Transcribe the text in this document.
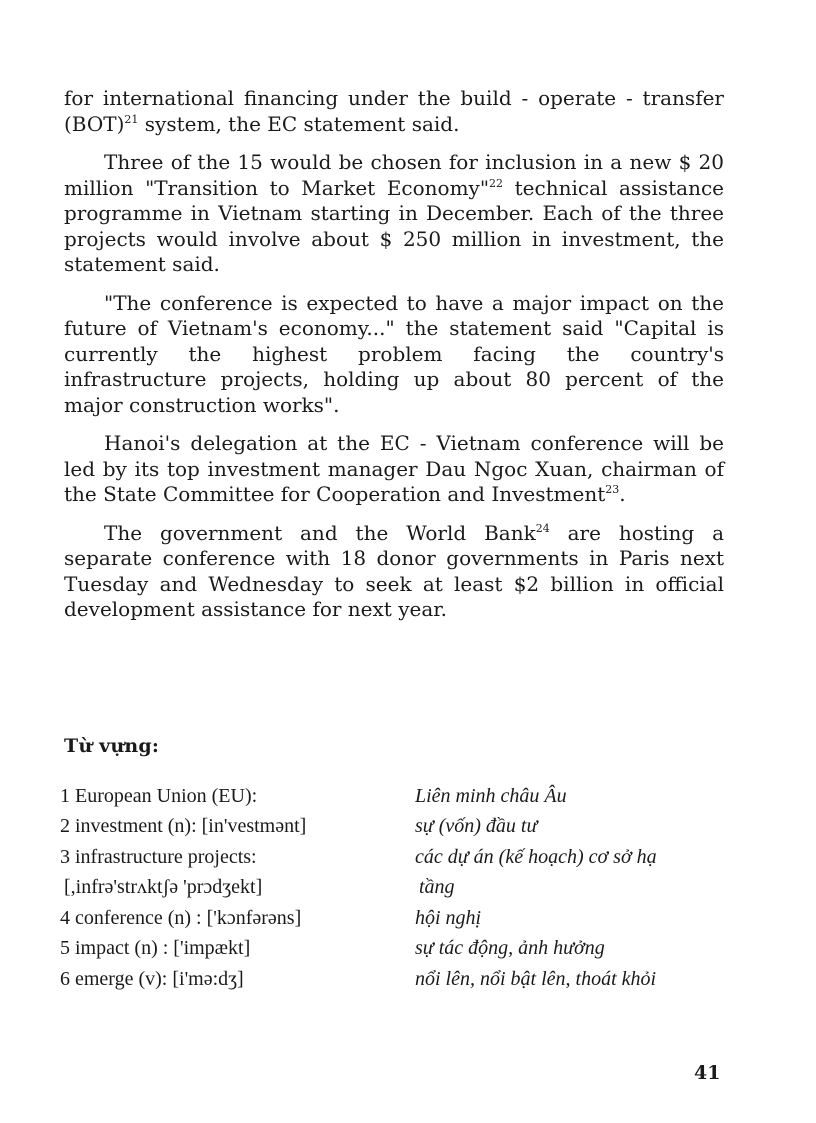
for international financing under the build - operate - transfer (BOT)$^{21}$ system, the EC statement said.

Three of the 15 would be chosen for inclusion in a new $ 20 million "Transition to Market Economy"$^{22}$ technical assistance programme in Vietnam starting in December. Each of the three projects would involve about $ 250 million in investment, the statement said.

"The conference is expected to have a major impact on the future of Vietnam's economy..." the statement said "Capital is currently the highest problem facing the country's infrastructure projects, holding up about 80 percent of the major construction works".

Hanoi's delegation at the EC - Vietnam conference will be led by its top investment manager Dau Ngoc Xuan, chairman of the State Committee for Cooperation and Investment$^{23}$.

The government and the World Bank$^{24}$ are hosting a separate conference with 18 donor governments in Paris next Tuesday and Wednesday to seek at least $2 billion in official development assistance for next year.

Từ vựng:
1 European Union (EU):	Liên minh châu Âu
2 investment (n): [in'vestmənt]	sự (vốn) đầu tư
3 infrastructure projects:	các dự án (kế hoạch) cơ sở hạ
[,infrə'strʌktʃə 'prɔdʒekt]	tầng
4 conference (n) : ['kɔnfərəns]	hội nghị
5 impact (n) : ['impækt]	sự tác động, ảnh hưởng
6 emerge (v): [i'mə:dʒ]	nổi lên, nổi bật lên, thoát khỏi
41
